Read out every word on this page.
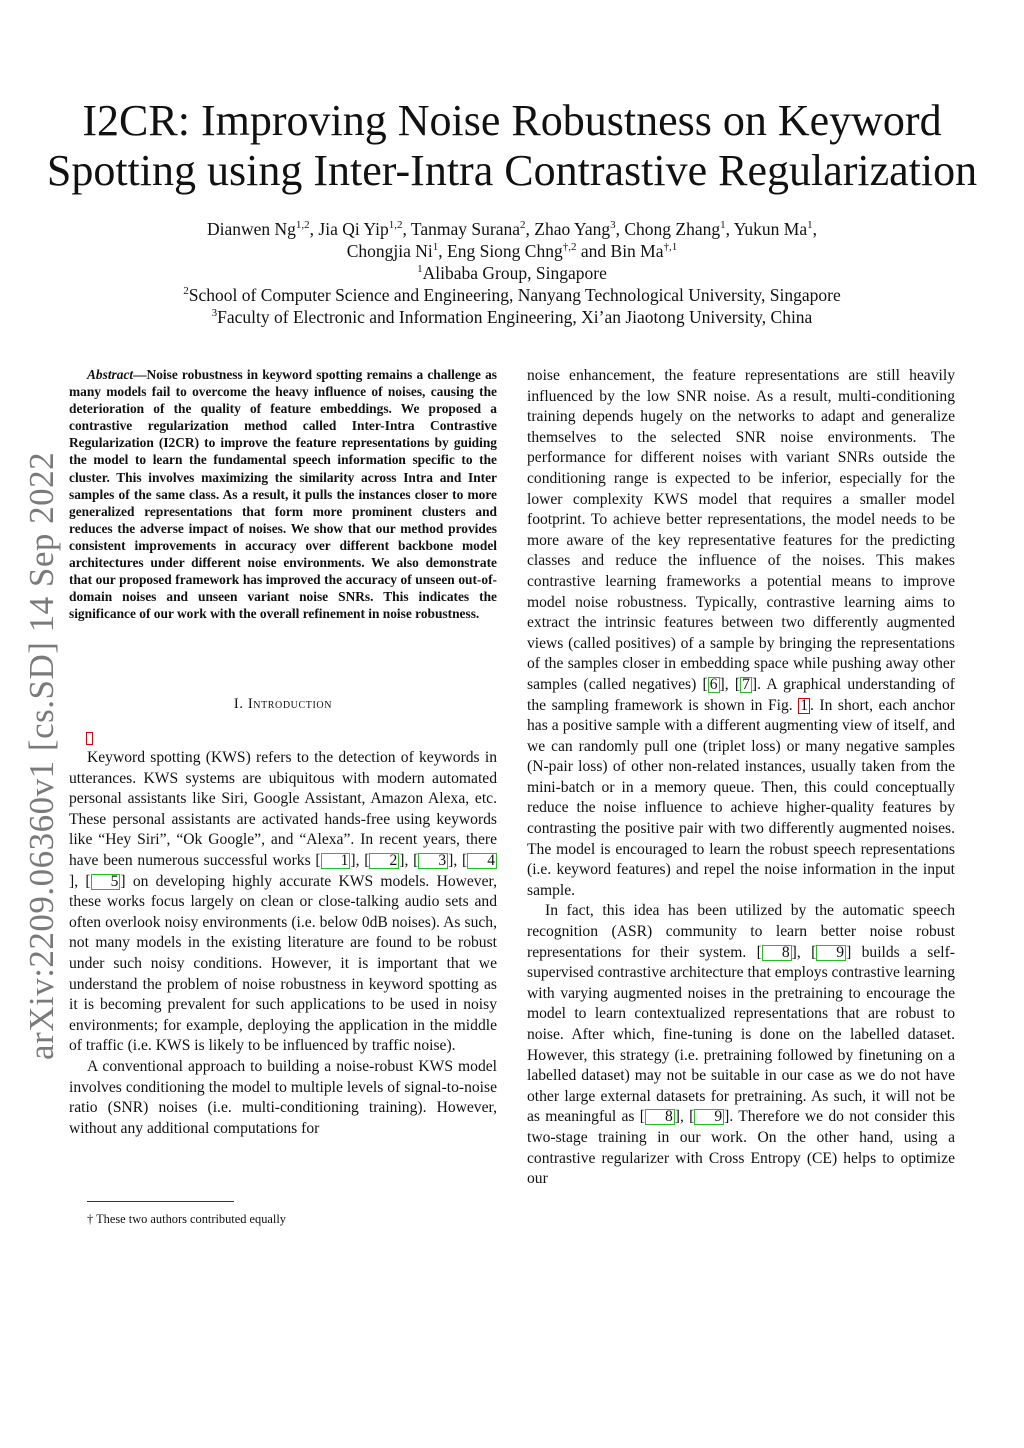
arXiv:2209.06360v1 [cs.SD] 14 Sep 2022
I2CR: Improving Noise Robustness on Keyword
Spotting using Inter-Intra Contrastive Regularization
Dianwen Ng$^{1,2}$, Jia Qi Yip$^{1,2}$, Tanmay Surana$^2$, Zhao Yang$^3$, Chong Zhang$^1$, Yukun Ma$^1$,
Chongjia Ni$^1$, Eng Siong Chng$^{\dagger,2}$ and Bin $Ma^{\dagger,1}$
$^1$Alibaba Group, Singapore
$^2$School of Computer Science and Engineering, Nanyang Technological University, Singapore
$^3$Faculty of Electronic and Information Engineering, Xi’an Jiaotong University, China

Abstract—Noise robustness in keyword spotting remains a challenge as many models fail to overcome the heavy influence of noises, causing the deterioration of the quality of feature embeddings. We proposed a contrastive regularization method called Inter-Intra Contrastive Regularization (I2CR) to improve the feature representations by guiding the model to learn the fundamental speech information specific to the cluster. This involves maximizing the similarity across Intra and Inter samples of the same class. As a result, it pulls the instances closer to more generalized representations that form more prominent clusters and reduces the adverse impact of noises. We show that our method provides consistent improvements in accuracy over different backbone model architectures under different noise environments. We also demonstrate that our proposed framework has improved the accuracy of unseen out-of-domain noises and unseen variant noise SNRs. This indicates the significance of our work with the overall refinement in noise robustness.

I. Introduction

Keyword spotting (KWS) refers to the detection of keywords in utterances. KWS systems are ubiquitous with modern automated personal assistants like Siri, Google Assistant, Amazon Alexa, etc. These personal assistants are activated hands-free using keywords like “Hey Siri”, “Ok Google”, and “Alexa”. In recent years, there have been numerous successful works [ 1 ], [ 2 ], [ 3 ], [ 4], [ 5 ] on developing highly accurate KWS models. However, these works focus largely on clean or close-talking audio sets and often overlook noisy environments (i.e. below 0dB noises). As such, not many models in the existing literature are found to be robust under such noisy conditions. However, it is important that we understand the problem of noise robustness in keyword spotting as it is becoming prevalent for such applications to be used in noisy environments; for example, deploying the application in the middle of traffic (i.e. KWS is likely to be influenced by traffic noise).

A conventional approach to building a noise-robust KWS model involves conditioning the model to multiple levels of signal-to-noise ratio (SNR) noises (i.e. multi-conditioning training). However, without any additional computations for

† These two authors contributed equally

noise enhancement, the feature representations are still heavily influenced by the low SNR noise. As a result, multi-conditioning training depends hugely on the networks to adapt and generalize themselves to the selected SNR noise environments. The performance for different noises with variant SNRs outside the conditioning range is expected to be inferior, especially for the lower complexity KWS model that requires a smaller model footprint. To achieve better representations, the model needs to be more aware of the key representative features for the predicting classes and reduce the influence of the noises. This makes contrastive learning frameworks a potential means to improve model noise robustness. Typically, contrastive learning aims to extract the intrinsic features between two differently augmented views (called positives) of a sample by bringing the representations of the samples closer in embedding space while pushing away other samples (called negatives) [ 6 ], [ 7 ]. A graphical understanding of the sampling framework is shown in Fig. 1 . In short, each anchor has a positive sample with a different augmenting view of itself, and we can randomly pull one (triplet loss) or many negative samples (N-pair loss) of other non-related instances, usually taken from the mini-batch or in a memory queue. Then, this could conceptually reduce the noise influence to achieve higher-quality features by contrasting the positive pair with two differently augmented noises. The model is encouraged to learn the robust speech representations (i.e. keyword features) and repel the noise information in the input sample.

In fact, this idea has been utilized by the automatic speech recognition (ASR) community to learn better noise robust representations for their system. [ 8 ], [ 9 ] builds a self-supervised contrastive architecture that employs contrastive learning with varying augmented noises in the pretraining to encourage the model to learn contextualized representations that are robust to noise. After which, fine-tuning is done on the labelled dataset. However, this strategy (i.e. pretraining followed by finetuning on a labelled dataset) may not be suitable in our case as we do not have other large external datasets for pretraining. As such, it will not be as meaningful as [ 8 ], [ 9 ]. Therefore we do not consider this two-stage training in our work. On the other hand, using a contrastive regularizer with Cross Entropy (CE) helps to optimize our
